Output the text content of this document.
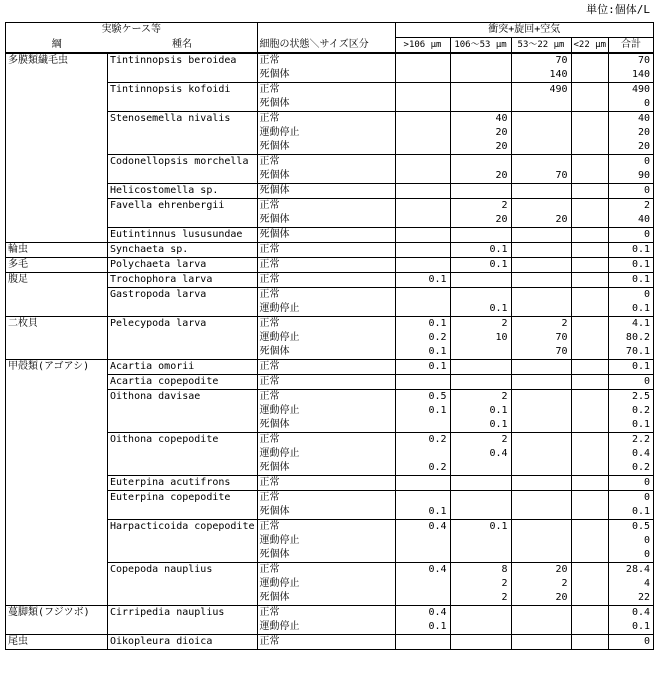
単位:個体/L
実験ケース等			衝突+旋回+空気				
綱	種名	細胞の状態＼サイズ区分	>106 μm	106～53 μm	53～22 μm	<22 μm	合計
多膜類繊毛虫	Tintinnopsis beroidea	正常			70		70
		死個体			140		140
	Tintinnopsis kofoidi	正常			490		490
		死個体					0
	Stenosemella nivalis	正常		40			40
		運動停止		20			20
		死個体		20			20
	Codonellopsis morchella	正常					0
		死個体		20	70		90
	Helicostomella sp.	死個体					0
	Favella ehrenbergii	正常		2			2
		死個体		20	20		40
	Eutintinnus lususundae	死個体					0
輪虫	Synchaeta sp.	正常		0.1			0.1
多毛	Polychaeta larva	正常		0.1			0.1
腹足	Trochophora larva	正常	0.1				0.1
	Gastropoda larva	正常					0
		運動停止		0.1			0.1
二枚貝	Pelecypoda larva	正常	0.1	2	2		4.1
		運動停止	0.2	10	70		80.2
		死個体	0.1		70		70.1
甲殻類(アゴアシ)	Acartia omorii	正常	0.1				0.1
	Acartia copepodite	正常					0
	Oithona davisae	正常	0.5	2			2.5
		運動停止	0.1	0.1			0.2
		死個体		0.1			0.1
	Oithona copepodite	正常	0.2	2			2.2
		運動停止		0.4			0.4
		死個体	0.2				0.2
	Euterpina acutifrons	正常					0
	Euterpina copepodite	正常					0
		死個体	0.1				0.1
	Harpacticoida copepodite	正常	0.4	0.1			0.5
		運動停止					0
		死個体					0
	Copepoda nauplius	正常	0.4	8	20		28.4
		運動停止		2	2		4
		死個体		2	20		22
蔓脚類(フジツボ)	Cirripedia nauplius	正常	0.4				0.4
		運動停止	0.1				0.1
尾虫	Oikopleura dioica	正常					0
